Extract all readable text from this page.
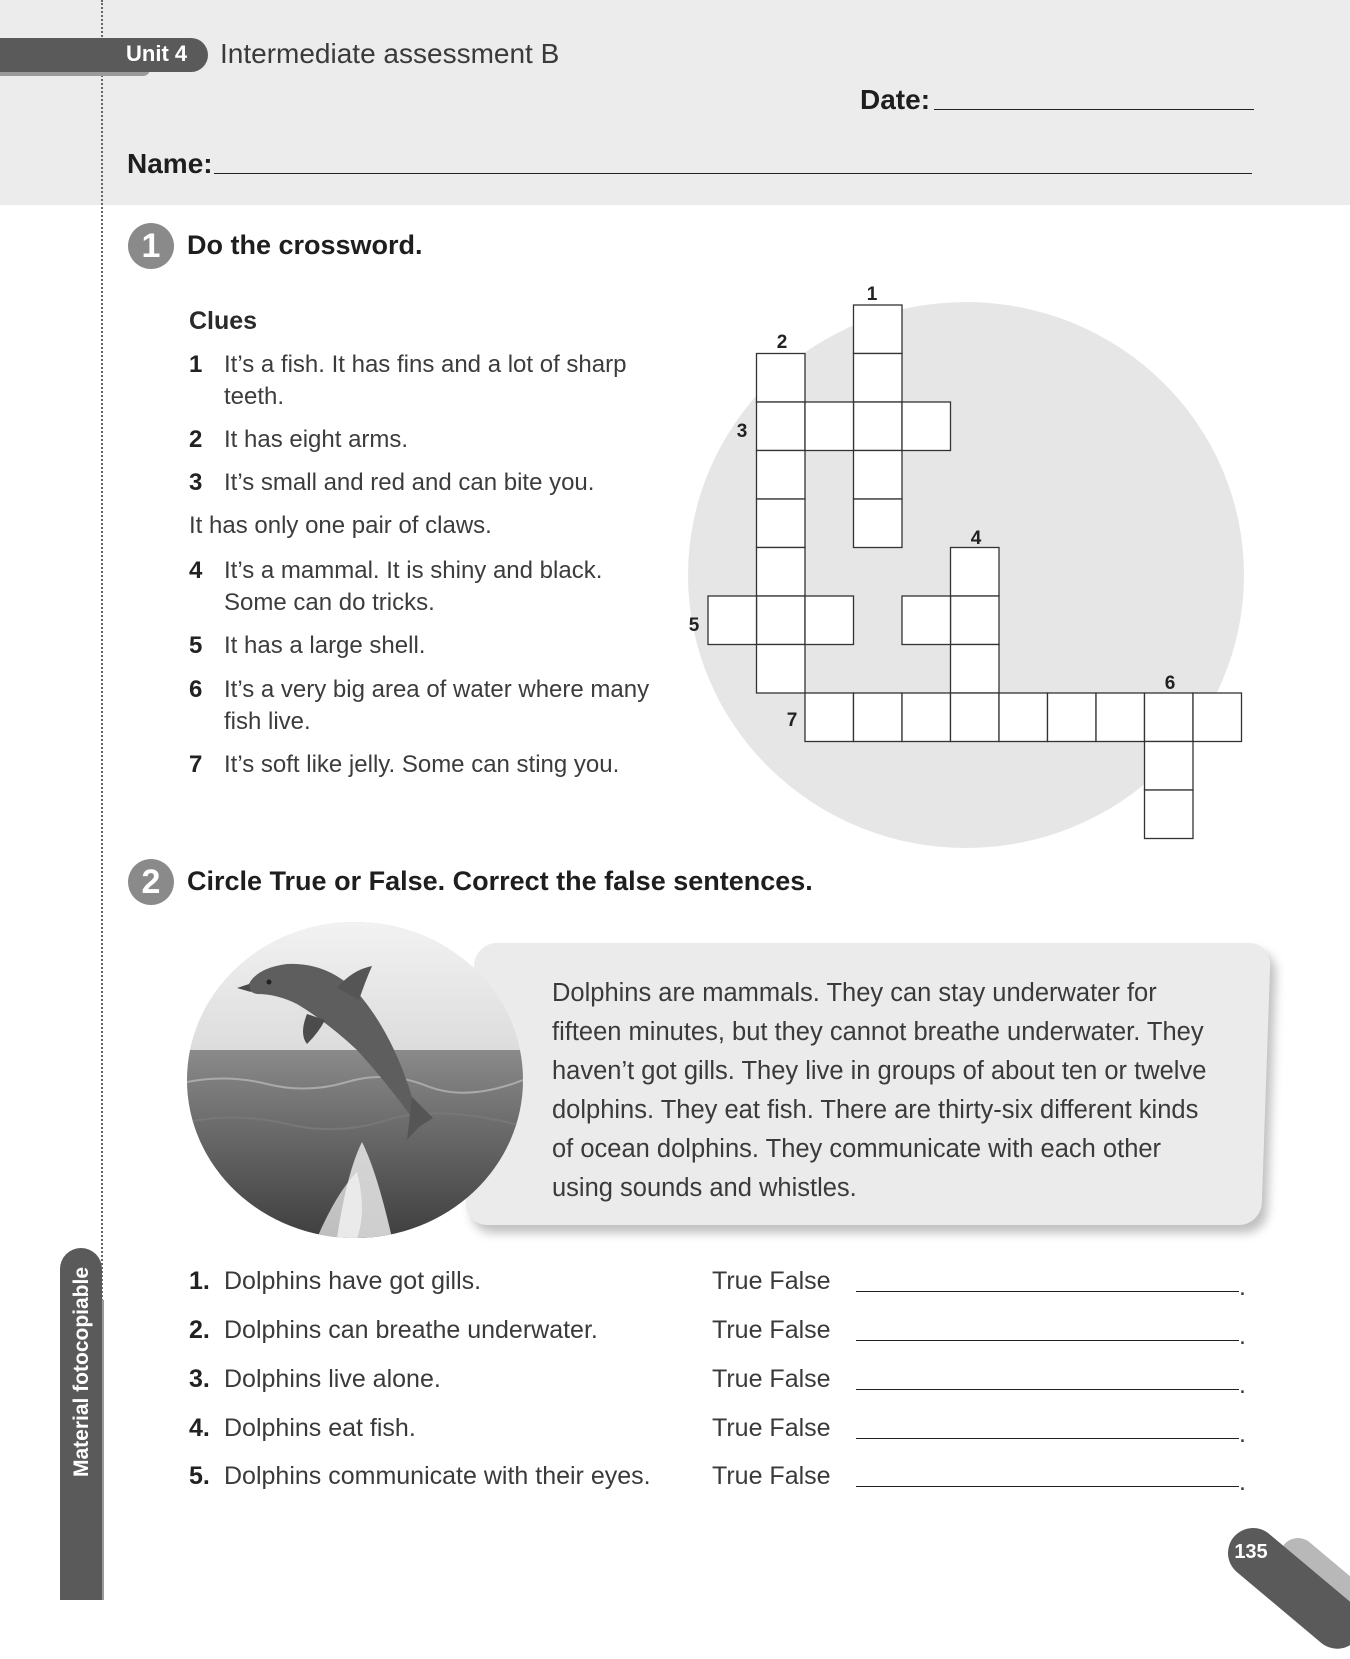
Unit 4 Intermediate assessment B
Date:
Name:
1 Do the crossword.
Clues
1 It’s a fish. It has fins and a lot of sharp teeth.
2 It has eight arms.
3 It’s small and red and can bite you.
It has only one pair of claws.
4 It’s a mammal. It is shiny and black. Some can do tricks.
5 It has a large shell.
6 It’s a very big area of water where many fish live.
7 It’s soft like jelly. Some can sting you.
1
2
3
4
5
6
7
2 Circle True or False. Correct the false sentences.
Dolphins are mammals. They can stay underwater for fifteen minutes, but they cannot breathe underwater. They haven’t got gills. They live in groups of about ten or twelve dolphins. They eat fish. There are thirty-six different kinds of ocean dolphins. They communicate with each other using sounds and whistles.
1. Dolphins have got gills.	True False	.
2. Dolphins can breathe underwater.	True False	.
3. Dolphins live alone.	True False	.
4. Dolphins eat fish.	True False	.
5. Dolphins communicate with their eyes. True False	.
Material fotocopiable
135
